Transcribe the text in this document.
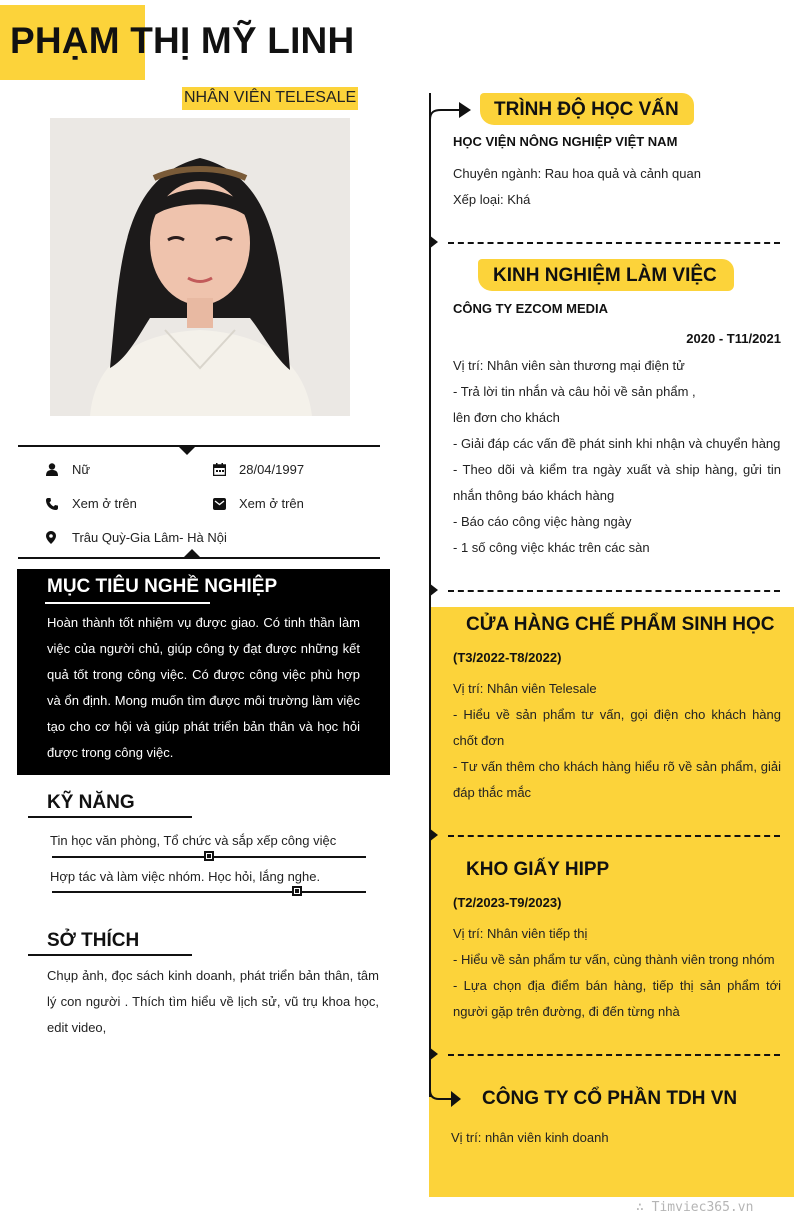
PHẠM THỊ MỸ LINH
NHÂN VIÊN TELESALE
Nữ	28/04/1997
Xem ở trên	Xem ở trên
Trâu Quỳ-Gia Lâm- Hà Nội
MỤC TIÊU NGHỀ NGHIỆP
Hoàn thành tốt nhiệm vụ được giao. Có tinh thần làm việc của người chủ, giúp công ty đạt được những kết quả tốt trong công việc. Có được công việc phù hợp và ổn định. Mong muốn tìm được môi trường làm việc tạo cho cơ hội và giúp phát triển bản thân và học hỏi được trong công việc.
KỸ NĂNG
Tin học văn phòng, Tổ chức và sắp xếp công việc
Hợp tác và làm việc nhóm. Học hỏi, lắng nghe.
SỞ THÍCH
Chụp ảnh, đọc sách kinh doanh, phát triển bản thân, tâm lý con người . Thích tìm hiểu về lịch sử, vũ trụ khoa học, edit video,
TRÌNH ĐỘ HỌC VẤN
HỌC VIỆN NÔNG NGHIỆP VIỆT NAM

Chuyên ngành: Rau hoa quả và cảnh quan

Xếp loại: Khá

KINH NGHIỆM LÀM VIỆC
CÔNG TY EZCOM MEDIA
2020 - T11/2021

Vị trí: Nhân viên sàn thương mại điện tử

- Trả lời tin nhắn và câu hỏi về sản phẩm ,

lên đơn cho khách

- Giải đáp các vấn đề phát sinh khi nhận và chuyển hàng

- Theo dõi và kiểm tra ngày xuất và ship hàng, gửi tin nhắn thông báo khách hàng

- Báo cáo công việc hàng ngày

- 1 số công việc khác trên các sàn

CỬA HÀNG CHẾ PHẨM SINH HỌC
(T3/2022-T8/2022)

Vị trí: Nhân viên Telesale

- Hiểu về sản phẩm tư vấn, gọi điện cho khách hàng chốt đơn

- Tư vấn thêm cho khách hàng hiểu rõ về sản phẩm, giải đáp thắc mắc

KHO GIẤY HIPP
(T2/2023-T9/2023)

Vị trí: Nhân viên tiếp thị

- Hiểu về sản phẩm tư vấn, cùng thành viên trong nhóm

- Lựa chọn địa điểm bán hàng, tiếp thị sản phẩm tới người gặp trên đường, đi đến từng nhà

CÔNG TY CỔ PHẦN TDH VN

Vị trí: nhân viên kinh doanh

∴ Timviec365.vn
